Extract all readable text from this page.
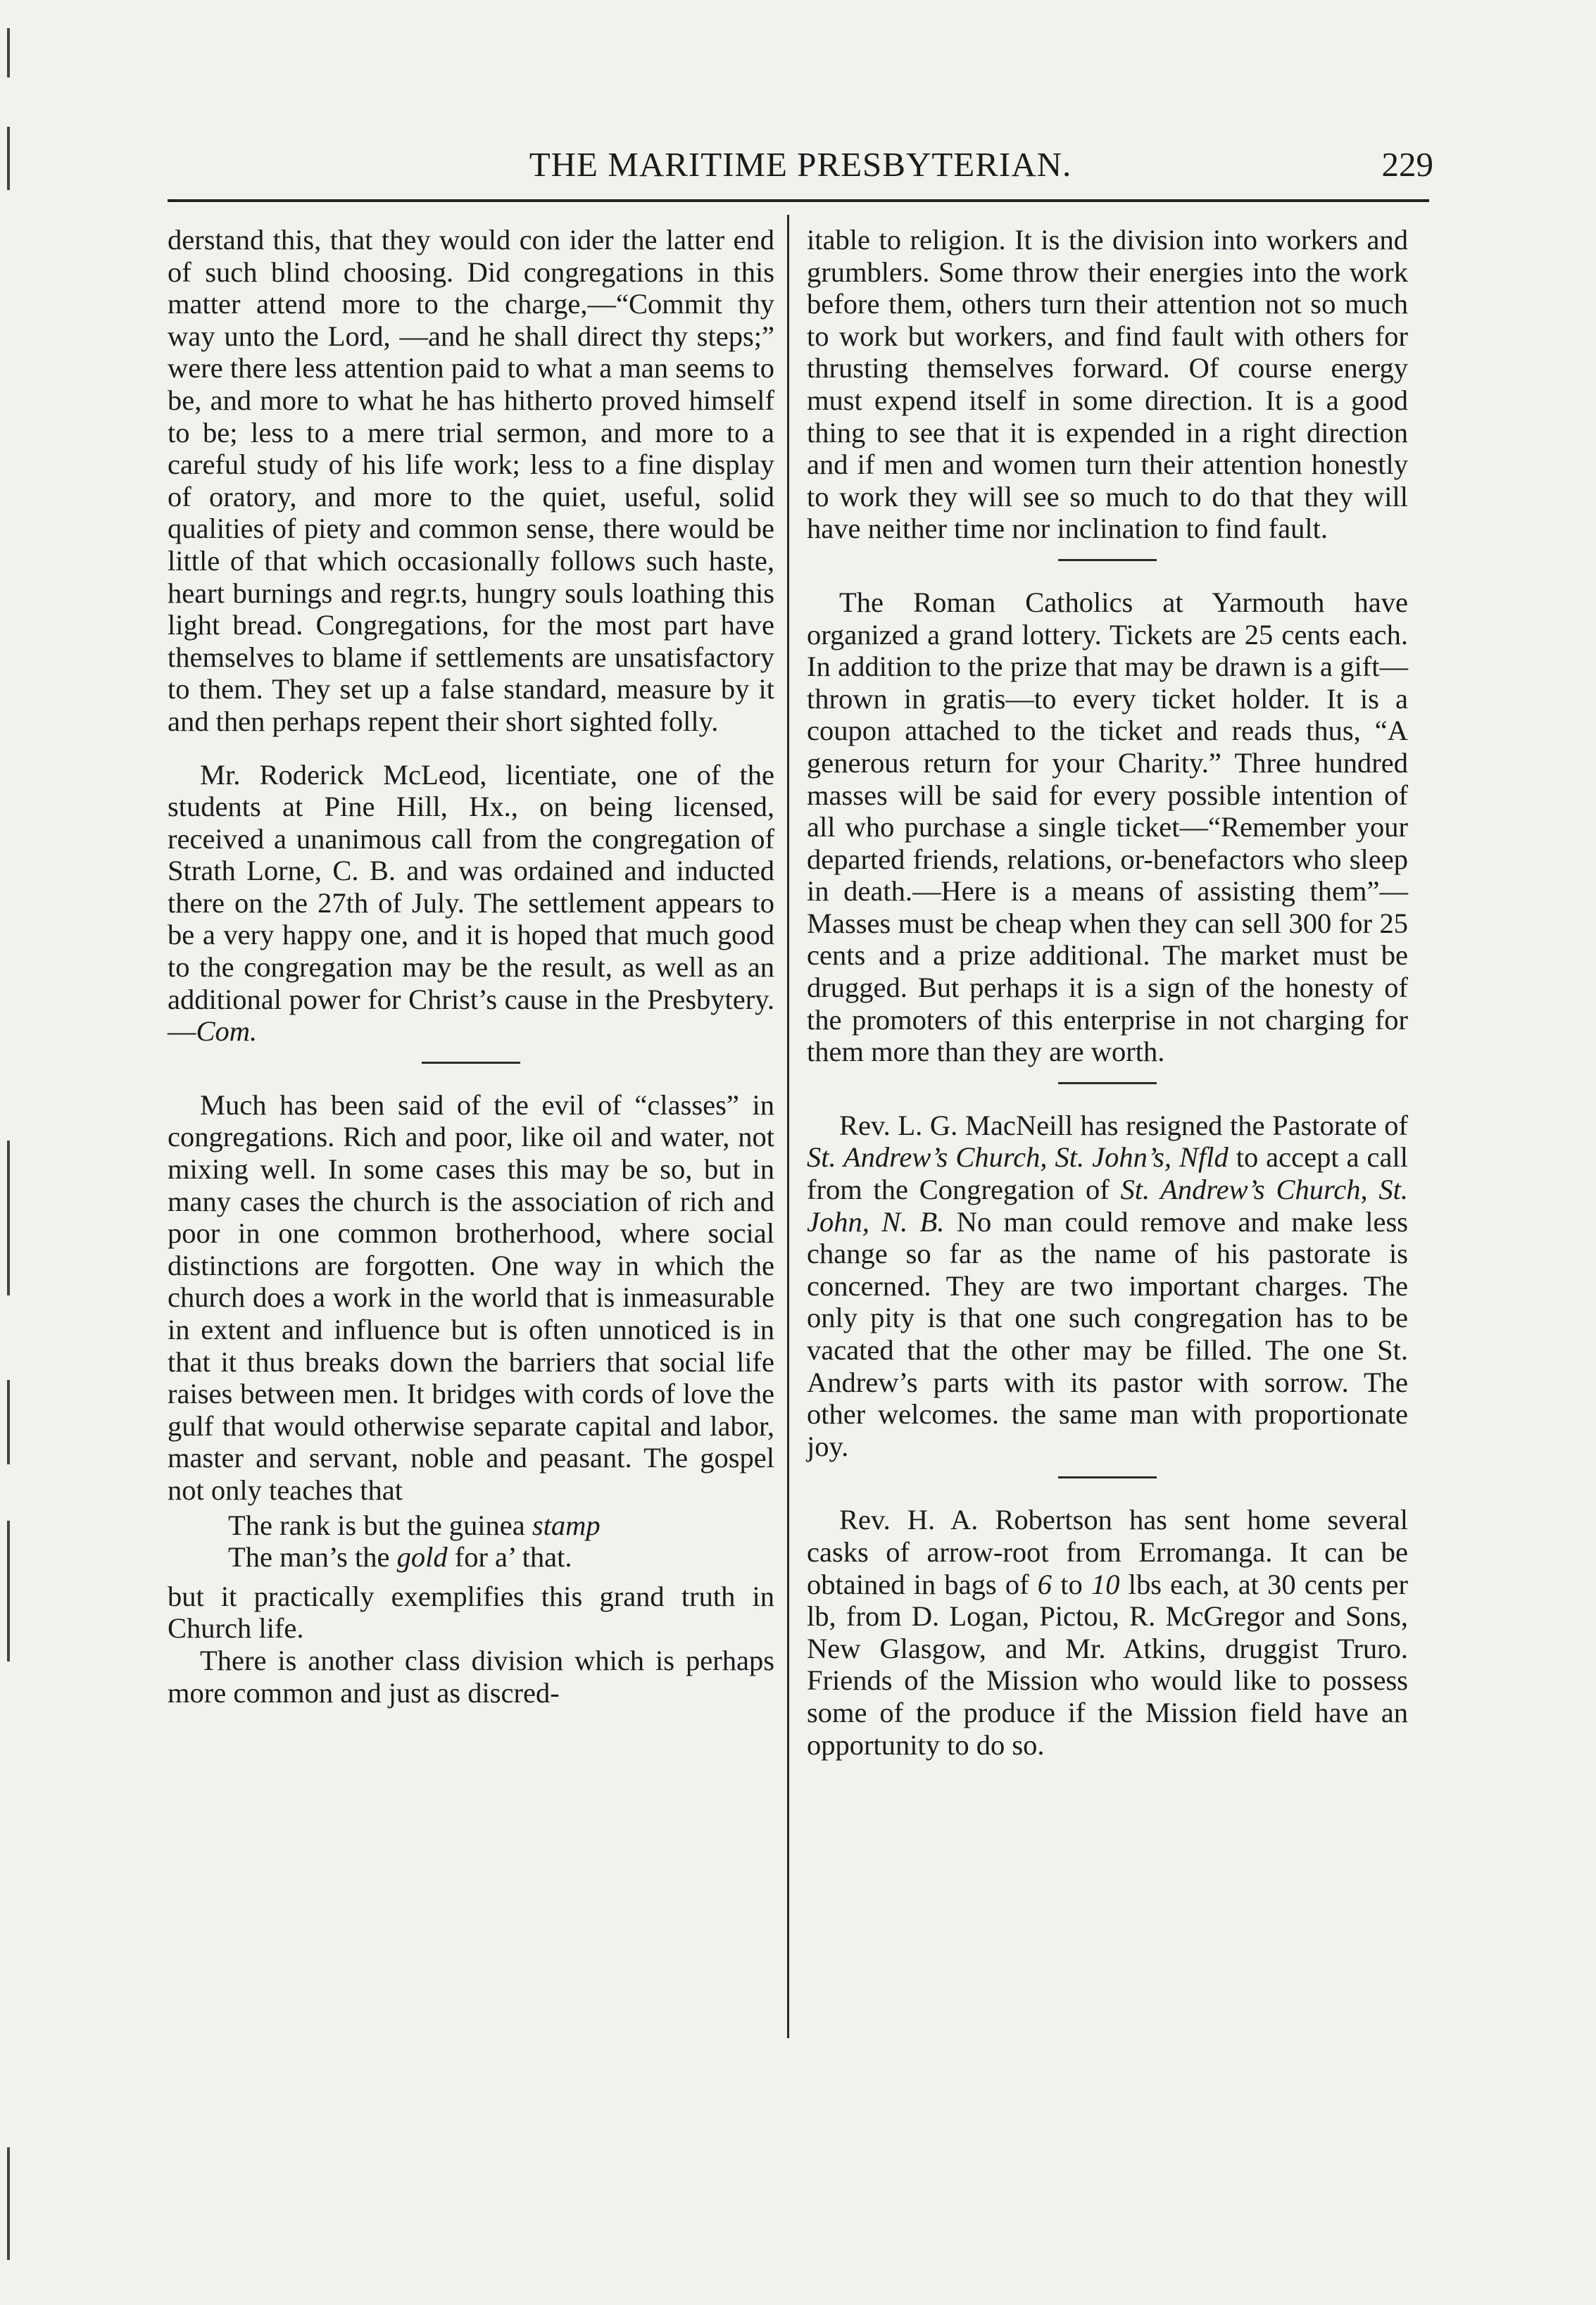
THE MARITIME PRESBYTERIAN.	229

derstand this, that they would con ider the latter end of such blind choosing. Did congregations in this matter attend more to the charge,—“Commit thy way unto the Lord, —and he shall direct thy steps;” were there less attention paid to what a man seems to be, and more to what he has hitherto proved himself to be; less to a mere trial sermon, and more to a careful study of his life work; less to a fine display of oratory, and more to the quiet, useful, solid qualities of piety and common sense, there would be little of that which occasionally follows such haste, heart burnings and regr.ts, hungry souls loathing this light bread. Congregations, for the most part have themselves to blame if settlements are unsatisfactory to them. They set up a false standard, measure by it and then perhaps repent their short sighted folly.

Mr. Roderick McLeod, licentiate, one of the students at Pine Hill, Hx., on being licensed, received a unanimous call from the congregation of Strath Lorne, C. B. and was ordained and inducted there on the 27th of July. The settlement appears to be a very happy one, and it is hoped that much good to the congregation may be the result, as well as an additional power for Christ’s cause in the Presbytery.—Com.

Much has been said of the evil of “classes” in congregations. Rich and poor, like oil and water, not mixing well. In some cases this may be so, but in many cases the church is the association of rich and poor in one common brotherhood, where social distinctions are forgotten. One way in which the church does a work in the world that is inmeasurable in extent and influence but is often unnoticed is in that it thus breaks down the barriers that social life raises between men. It bridges with cords of love the gulf that would otherwise separate capital and labor, master and servant, noble and peasant. The gospel not only teaches that

The rank is but the guinea stamp
The man’s the gold for a’ that.

but it practically exemplifies this grand truth in Church life.

There is another class division which is perhaps more common and just as discred-

itable to religion. It is the division into workers and grumblers. Some throw their energies into the work before them, others turn their attention not so much to work but workers, and find fault with others for thrusting themselves forward. Of course energy must expend itself in some direction. It is a good thing to see that it is expended in a right direction and if men and women turn their attention honestly to work they will see so much to do that they will have neither time nor inclination to find fault.

The Roman Catholics at Yarmouth have organized a grand lottery. Tickets are 25 cents each. In addition to the prize that may be drawn is a gift—thrown in gratis—to every ticket holder. It is a coupon attached to the ticket and reads thus, “A generous return for your Charity.” Three hundred masses will be said for every possible intention of all who purchase a single ticket—“Remember your departed friends, relations, or-benefactors who sleep in death.—Here is a means of assisting them”—Masses must be cheap when they can sell 300 for 25 cents and a prize additional. The market must be drugged. But perhaps it is a sign of the honesty of the promoters of this enterprise in not charging for them more than they are worth.

Rev. L. G. MacNeill has resigned the Pastorate of St. Andrew’s Church, St. John’s, Nfld to accept a call from the Congregation of St. Andrew’s Church, St. John, N. B. No man could remove and make less change so far as the name of his pastorate is concerned. They are two important charges. The only pity is that one such congregation has to be vacated that the other may be filled. The one St. Andrew’s parts with its pastor with sorrow. The other welcomes. the same man with proportionate joy.

Rev. H. A. Robertson has sent home several casks of arrow-root from Erromanga. It can be obtained in bags of 6 to 10 lbs each, at 30 cents per lb, from D. Logan, Pictou, R. McGregor and Sons, New Glasgow, and Mr. Atkins, druggist Truro. Friends of the Mission who would like to possess some of the produce if the Mission field have an opportunity to do so.
